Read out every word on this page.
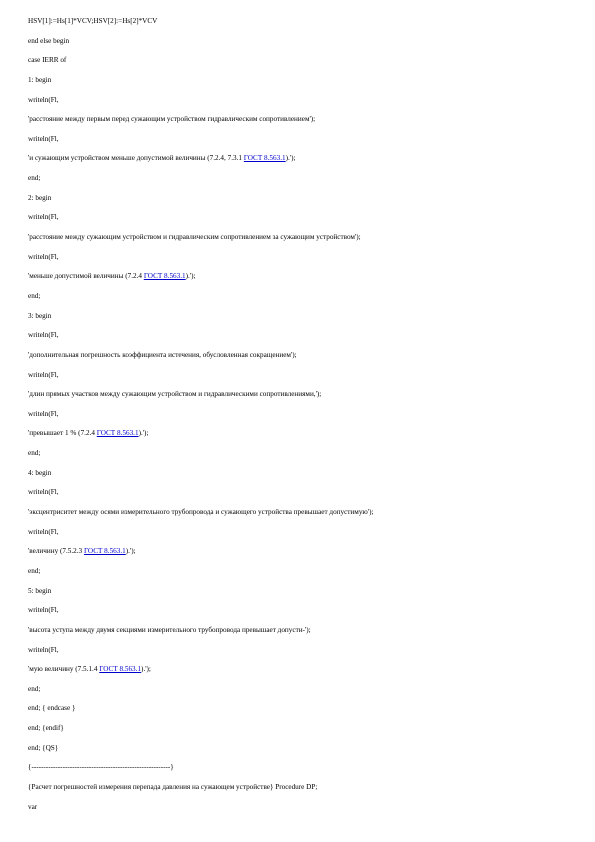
HSV[1]:=Hs[1]*VCV;HSV[2]:=Hs[2]*VCV
end else begin
case IERR of
1: begin
writeln(Fl,
'расстояние между первым перед сужающим устройством гидравлическим сопротивлением');
writeln(Fl,
'и сужающим устройством меньше допустимой величины (7.2.4, 7.3.1 ГОСТ 8.563.1).');
end;
2: begin
writeln(Fl,
'расстояние между сужающим устройством и гидравлическим сопротивлением за сужающим устройством');
writeln(Fl,
'меньше допустимой величины (7.2.4 ГОСТ 8.563.1).');
end;
3: begin
writeln(Fl,
'дополнительная погрешность коэффициента истечения, обусловленная сокращением');
writeln(Fl,
'длин прямых участков между сужающим устройством и гидравлическими сопротивлениями,');
writeln(Fl,
'превышает 1 % (7.2.4 ГОСТ 8.563.1).');
end;
4: begin
writeln(Fl,
'эксцентриситет между осями измерительного трубопровода и сужающего устройства превышает допустимую');
writeln(Fl,
'величину (7.5.2.3 ГОСТ 8.563.1).');
end;
5: begin
writeln(Fl,
'высота уступа между двумя секциями измерительного трубопровода превышает допусти-');
writeln(Fl,
'мую величину (7.5.1.4 ГОСТ 8.563.1).');
end;
end; { endcase }
end; {endif}
end; {QS}
{----------------------------------------------------------}
{Расчет погрешностей измерения перепада давления на сужающем устройстве} Procedure DP;
var
